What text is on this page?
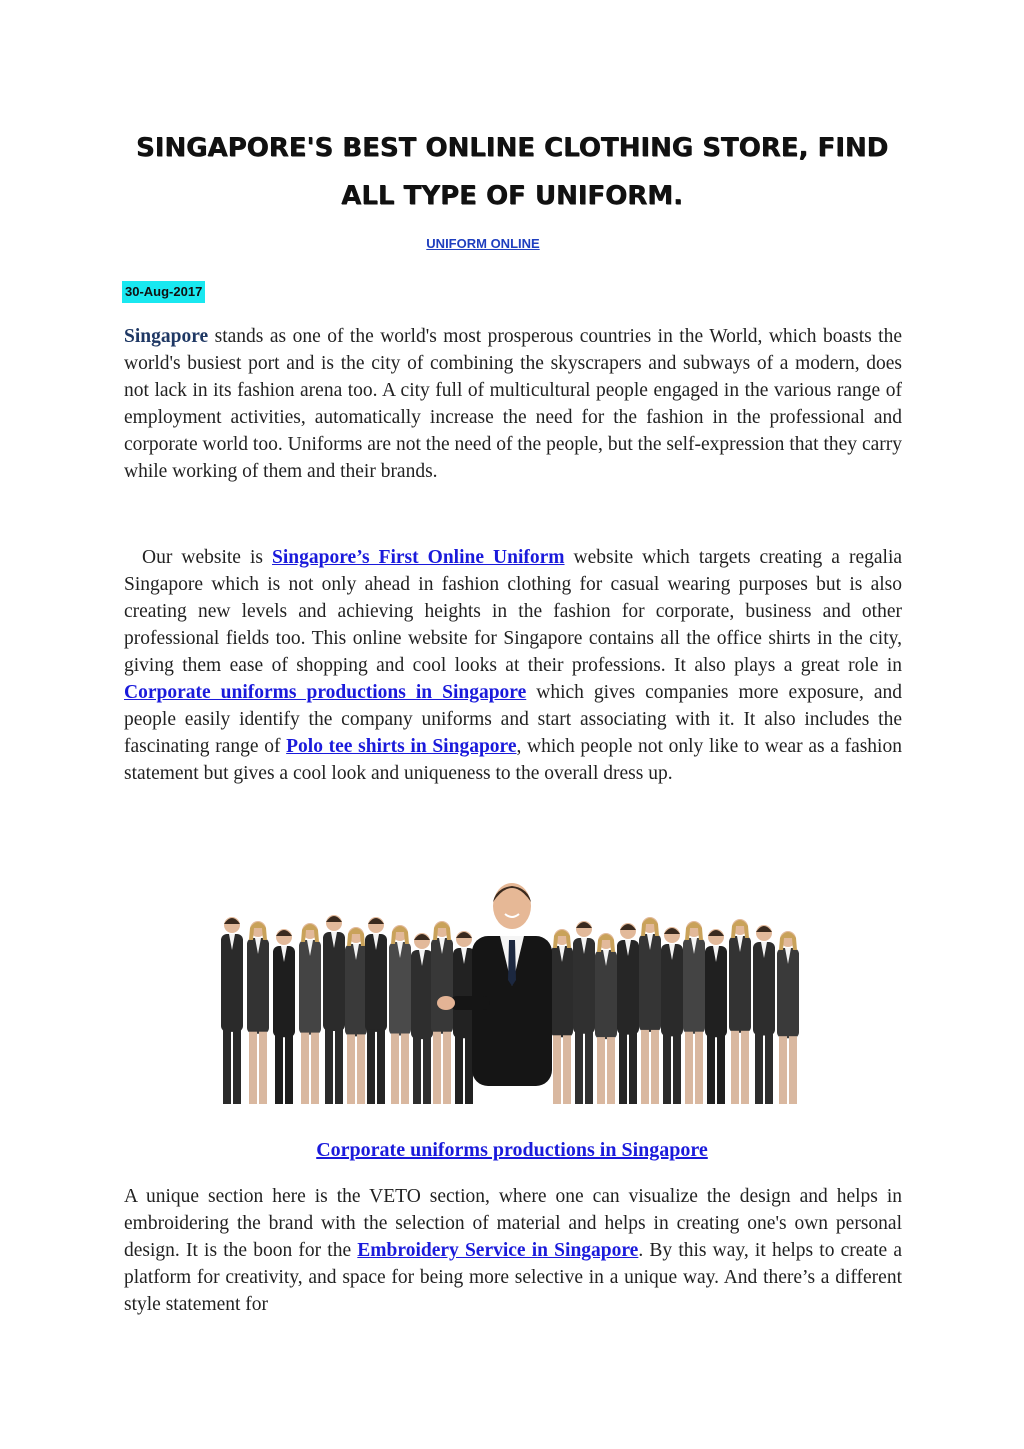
SINGAPORE'S BEST ONLINE CLOTHING STORE, FIND
ALL TYPE OF UNIFORM.
UNIFORM ONLINE
30-Aug-2017
Singapore stands as one of the world's most prosperous countries in the World, which boasts the world's busiest port and is the city of combining the skyscrapers and subways of a modern, does not lack in its fashion arena too. A city full of multicultural people engaged in the various range of employment activities, automatically increase the need for the fashion in the professional and corporate world too. Uniforms are not the need of the people, but the self-expression that they carry while working of them and their brands.
Our website is Singapore’s First Online Uniform website which targets creating a regalia Singapore which is not only ahead in fashion clothing for casual wearing purposes but is also creating new levels and achieving heights in the fashion for corporate, business and other professional fields too. This online website for Singapore contains all the office shirts in the city, giving them ease of shopping and cool looks at their professions. It also plays a great role in Corporate uniforms productions in Singapore which gives companies more exposure, and people easily identify the company uniforms and start associating with it. It also includes the fascinating range of Polo tee shirts in Singapore, which people not only like to wear as a fashion statement but gives a cool look and uniqueness to the overall dress up.
Corporate uniforms productions in Singapore
A unique section here is the VETO section, where one can visualize the design and helps in embroidering the brand with the selection of material and helps in creating one's own personal design. It is the boon for the Embroidery Service in Singapore. By this way, it helps to create a platform for creativity, and space for being more selective in a unique way. And there’s a different style statement for
